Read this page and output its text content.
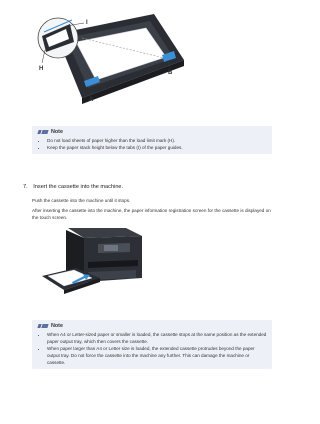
I
H
A
B
Note
• Do not load sheets of paper higher than the load limit mark (H).
• Keep the paper stack height below the tabs (I) of the paper guides.
7. Insert the cassette into the machine.

Push the cassette into the machine until it stops.

After inserting the cassette into the machine, the paper information registration screen for the cassette is displayed on the touch screen.

Note
• When A4 or Letter-sized paper or smaller is loaded, the cassette stops at the same position as the extended paper output tray, which then covers the cassette.
• When paper larger than A4 or Letter size is loaded, the extended cassette protrudes beyond the paper output tray. Do not force the cassette into the machine any further. This can damage the machine or cassette.
